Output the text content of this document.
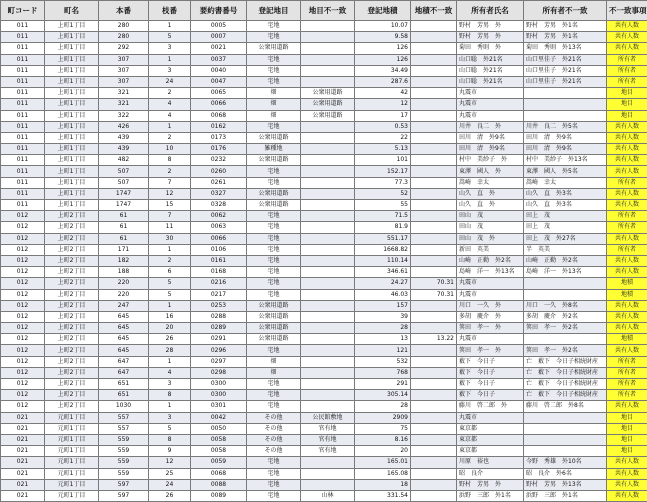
町コード	町名	本番	枝番	要約書番号	登記地目	地目不一致	登記地積	地積不一致	所有者氏名	所有者不一致	不一致事項
011	上町1丁目	280	1	0005	宅地		10.07		野村　芳男　外	野村　芳男　外1名	共有人数
011	上町1丁目	280	5	0007	宅地		9.58		野村　芳男　外	野村　芳男　外1名	共有人数
011	上町1丁目	292	3	0021	公衆用道路		126		菊田　秀則　外	菊田　秀則　外13名	共有人数
011	上町1丁目	307	1	0037	宅地		126		山口聡　外21名	山口里佳子　外21名	所有者
011	上町1丁目	307	3	0040	宅地		34.49		山口聡　外21名	山口里佳子　外21名	所有者
011	上町1丁目	307	24	0047	宅地		287.6		山口聡　外21名	山口里佳子　外21名	所有者
011	上町1丁目	321	2	0065	畑	公衆用道路	42		丸震市		地目
011	上町1丁目	321	4	0066	畑	公衆用道路	12		丸震市		地目
011	上町1丁目	322	4	0068	畑	公衆用道路	17		丸震市		地目
011	上町1丁目	426	1	0162	宅地		0.53		川井　良二　外	川井　良二　外5名	共有人数
011	上町1丁目	439	2	0173	公衆用道路		22		田川　清　外9名	田川　清　外9名	共有人数
011	上町1丁目	439	10	0176	雑種地		5.13		田川　清　外9名	田川　清　外9名	共有人数
011	上町1丁目	482	8	0232	公衆用道路		101		村中　美紗子　外	村中　美紗子　外13名	共有人数
011	上町1丁目	507	2	0260	宅地		152.17		東澤　國人　外	東澤　國人　外5名	共有人数
011	上町1丁目	507	7	0261	宅地		77.3		嵩崎　幸太	嵩崎　幸太	所有者
011	上町1丁目	1747	12	0327	公衆用道路		52		山久　直　外	山久　直　外3名	共有人数
011	上町1丁目	1747	15	0328	公衆用道路		55		山久　直　外	山久　直　外3名	共有人数
012	上町2丁目	61	7	0062	宅地		71.5		田山　茂	田上　茂	所有者
012	上町2丁目	61	11	0063	宅地		81.9		田山　茂	田上　茂	所有者
012	上町2丁目	61	30	0066	宅地		551.17		田山　茂　外	田上　茂　外27名	共有人数
012	上町2丁目	171	1	0106	宅地		1668.82		新田　英美	半　英美	所有者
012	上町2丁目	182	2	0161	宅地		110.14		山崎　正勤　外2名	山崎　正勤　外2名	共有人数
012	上町2丁目	188	6	0168	宅地		346.61		島崎　洋一　外13名	島崎　洋一　外13名	共有人数
012	上町2丁目	220	5	0216	宅地		24.27	70.31	丸震市		地積
012	上町2丁目	220	5	0217	宅地		46.03	70.31	丸震市		地積
012	上町2丁目	247	1	0253	公衆用道路		157		川口　一久　外	川口　一久　外8名	共有人数
012	上町2丁目	645	16	0288	公衆用道路		39		多胡　慶介　外	多胡　慶介　外2名	共有人数
012	上町2丁目	645	20	0289	公衆用道路		28		箕田　孝一　外	箕田　孝一　外2名	共有人数
012	上町2丁目	645	26	0291	公衆用道路		13	13.22	丸震市		地積
012	上町2丁目	645	28	0296	宅地		121		箕田　孝一　外	箕田　孝一　外2名	共有人数
012	上町2丁目	647	1	0297	畑		532		薮下　今日子	亡　薮下　今日子相続財産	所有者
012	上町2丁目	647	4	0298	畑		768		薮下　今日子	亡　薮下　今日子相続財産	所有者
012	上町2丁目	651	3	0300	宅地		291		薮下　今日子	亡　薮下　今日子相続財産	所有者
012	上町2丁目	651	8	0300	宅地		305.14		薮下　今日子	亡　薮下　今日子相続財産	所有者
012	上町2丁目	1030	1	0301	宅地		28		藤川　啓二郎　外	藤川　啓二郎　外8名	共有人数
021	元町1丁目	557	3	0042	その他	公民館敷地	2909		丸震市		地目
021	元町1丁目	557	5	0050	その他	官有地	75		東京都		地目
021	元町1丁目	559	8	0058	その他	官有地	8.16		東京都		地目
021	元町1丁目	559	9	0058	その他	官有地	20		東京都		地目
021	元町1丁目	559	12	0059	宅地		165.01		川原　裕也	今野　秀雄　外10名	共有人数
021	元町1丁目	559	25	0068	宅地		165.08		昭　良介	昭　良介　外6名	共有人数
021	元町1丁目	597	24	0088	宅地		18		野村　芳男　外	野村　芳男　外13名	共有人数
021	元町1丁目	597	26	0089	宅地	山林	331.54		浜野　三郎　外1名	浜野　三郎　外1名	共有人数
